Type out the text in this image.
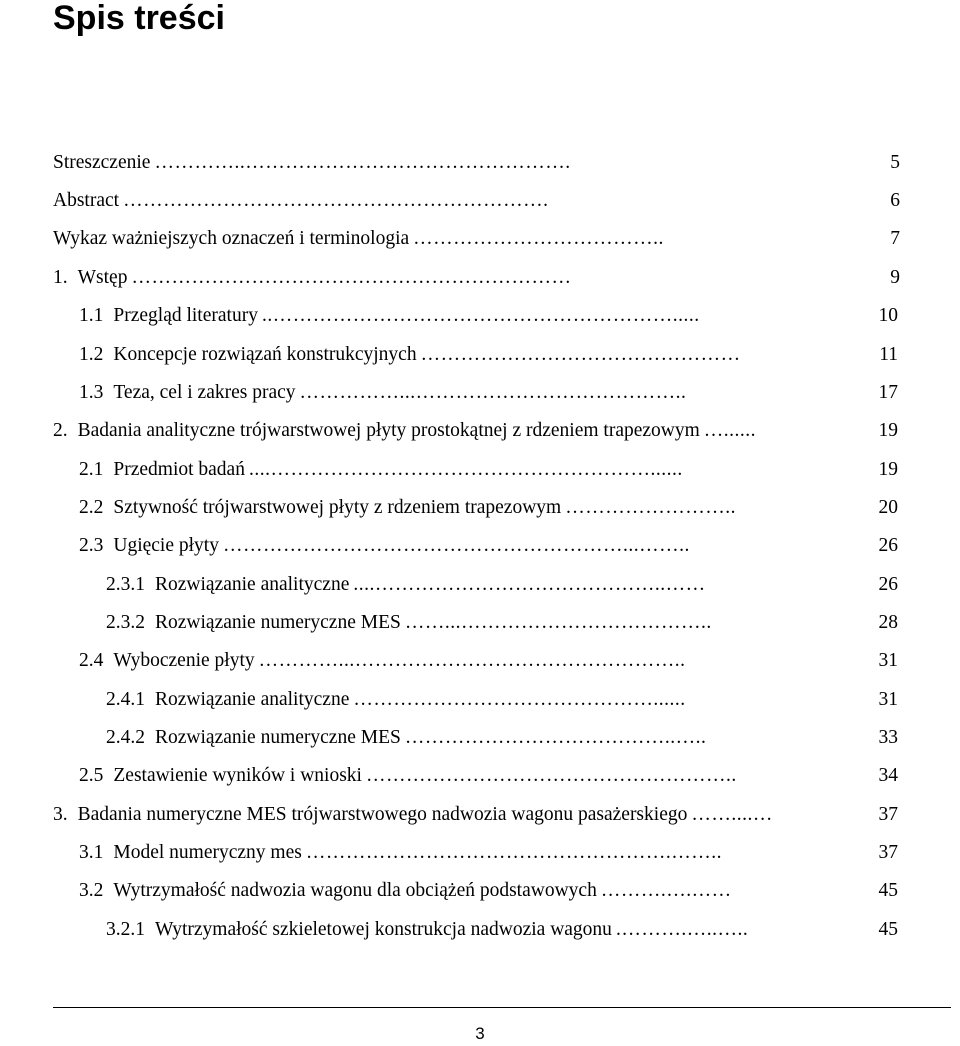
Spis treści
Streszczenie …………..………………………………………….	5
Abstract ……………………………………………………….	6
Wykaz ważniejszych oznaczeń i terminologia ………………………………..	7
1. Wstęp …………………………………………………………	9
1.1 Przegląd literatury ..…………………………………………………….....	10
1.2 Koncepcje rozwiązań konstrukcyjnych …………………………………………	11
1.3 Teza, cel i zakres pracy ……………...…………………………………..	17
2. Badania analityczne trójwarstwowej płyty prostokątnej z rdzeniem trapezowym …......	19
2.1 Przedmiot badań ....…………………………………………………......	19
2.2 Sztywność trójwarstwowej płyty z rdzeniem trapezowym ……………………..	20
2.3 Ugięcie płyty ……………………………………………………...……..	26
2.3.1 Rozwiązanie analityczne ....……………………………………..……	26
2.3.2 Rozwiązanie numeryczne MES ……...………………………………..	28
2.4 Wyboczenie płyty …………...…………………………………………..	31
2.4.1 Rozwiązanie analityczne ………………………………………......	31
2.4.2 Rozwiązanie numeryczne MES …………………………………..…..	33
2.5 Zestawienie wyników i wnioski ………………………………………………..	34
3. Badania numeryczne MES trójwarstwowego nadwozia wagonu pasażerskiego ……....…	37
3.1 Model numeryczny mes ……………………………………………….……..	37
3.2 Wytrzymałość nadwozia wagonu dla obciążeń podstawowych ……….….……	45
3.2.1 Wytrzymałość szkieletowej konstrukcja nadwozia wagonu .……….…..…..	45
3
